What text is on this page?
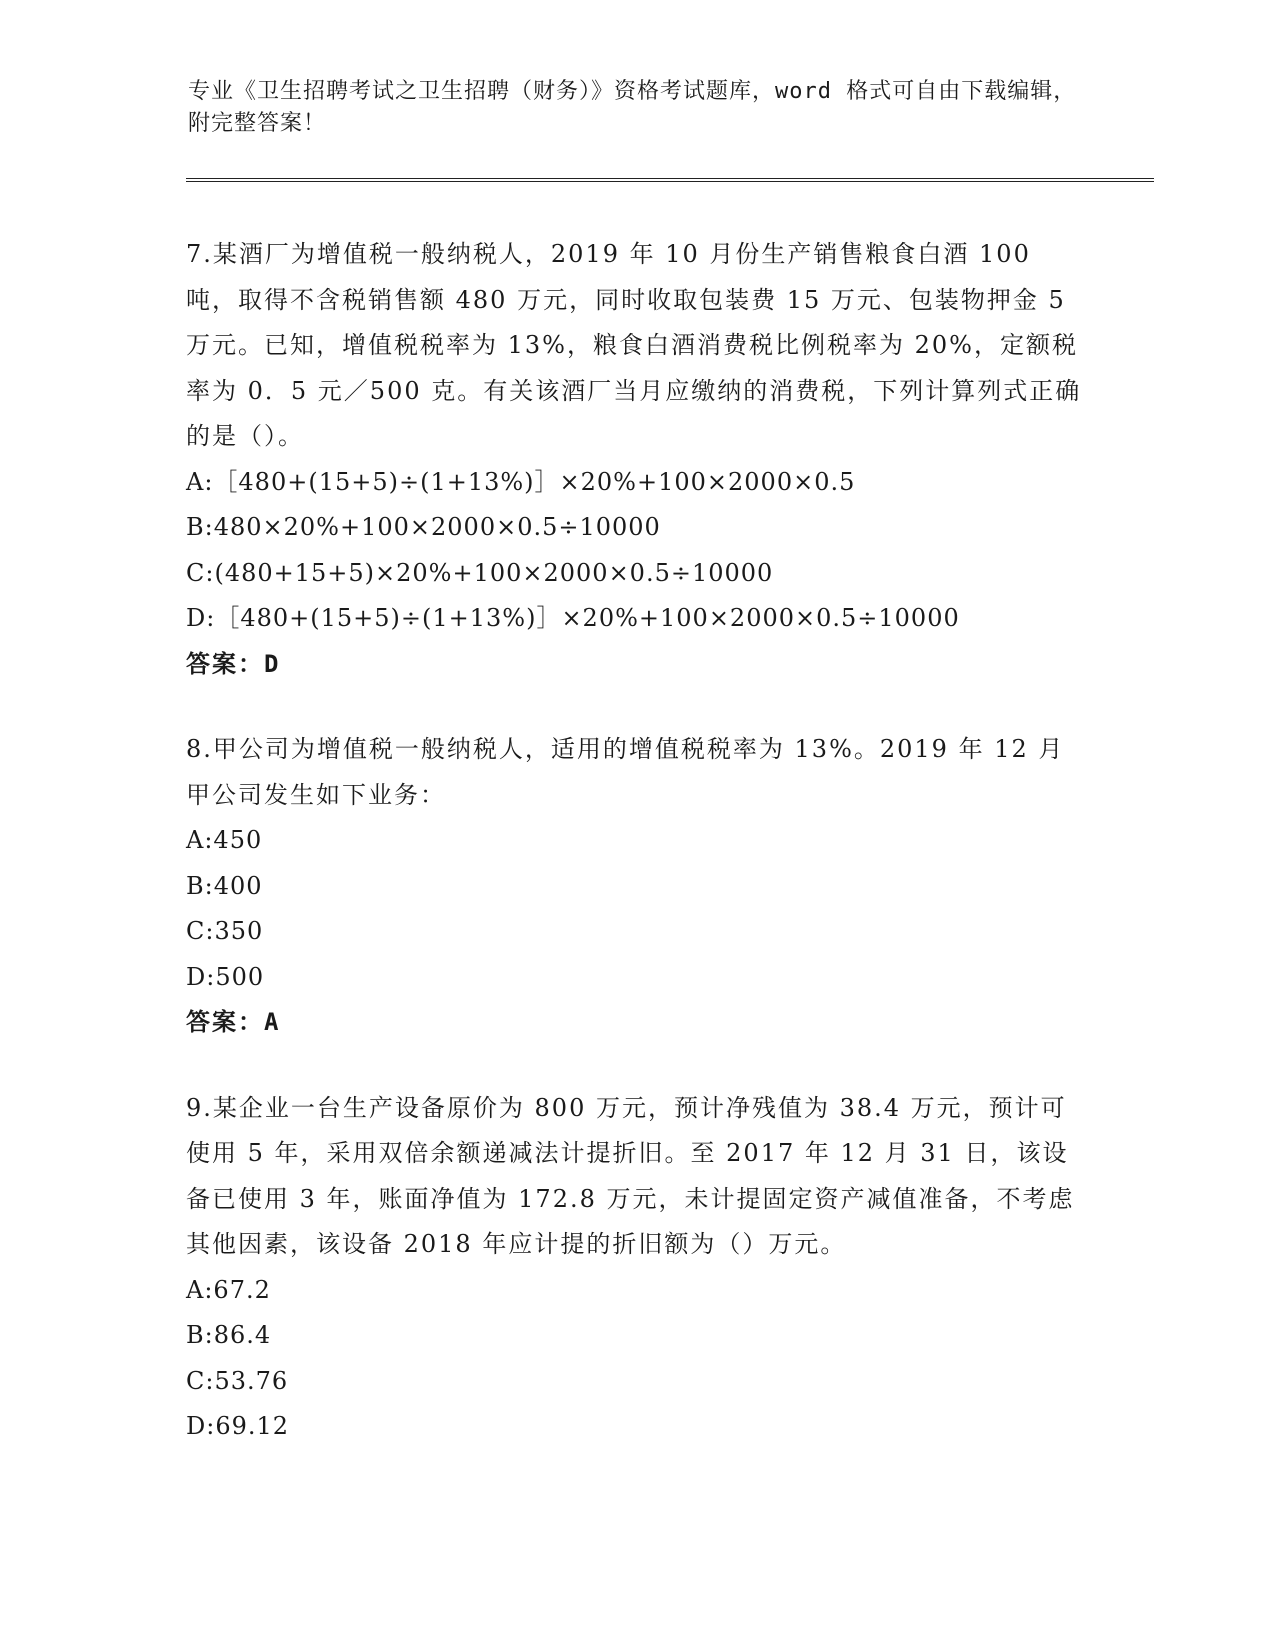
专业《卫生招聘考试之卫生招聘（财务）》资格考试题库，word 格式可自由下载编辑，附完整答案！

7.某酒厂为增值税一般纳税人，2019 年 10 月份生产销售粮食白酒 100 吨，取得不含税销售额 480 万元，同时收取包装费 15 万元、包装物押金 5 万元。已知，增值税税率为 13%，粮食白酒消费税比例税率为 20%，定额税率为 0．5 元／500 克。有关该酒厂当月应缴纳的消费税，下列计算列式正确的是（）。

A:［480+(15+5)÷(1+13%)］×20%+100×2000×0.5
B:480×20%+100×2000×0.5÷10000
C:(480+15+5)×20%+100×2000×0.5÷10000
D:［480+(15+5)÷(1+13%)］×20%+100×2000×0.5÷10000
答案：D

8.甲公司为增值税一般纳税人，适用的增值税税率为 13%。2019 年 12 月甲公司发生如下业务：

A:450
B:400
C:350
D:500
答案：A

9.某企业一台生产设备原价为 800 万元，预计净残值为 38.4 万元，预计可使用 5 年，采用双倍余额递减法计提折旧。至 2017 年 12 月 31 日，该设备已使用 3 年，账面净值为 172.8 万元，未计提固定资产减值准备，不考虑其他因素，该设备 2018 年应计提的折旧额为（）万元。

A:67.2
B:86.4
C:53.76
D:69.12
